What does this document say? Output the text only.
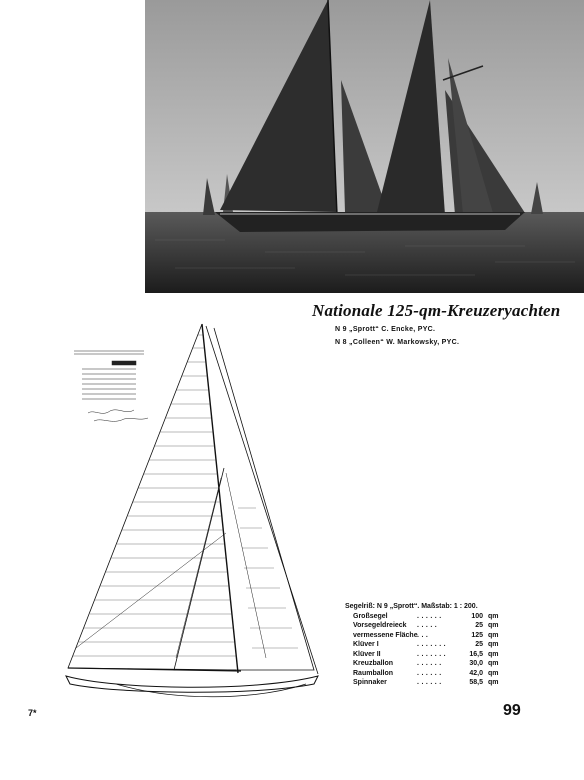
Nationale 125-qm-Kreuzeryachten
N 9 „Sprott“ C. Encke, PYC.
N 8 „Colleen“ W. Markowsky, PYC.
Segelriß: N 9 „Sprott“. Maßstab: 1 : 200.
Großsegel	......	100 qm
Vorsegeldreieck .....	25 qm
vermessene Fläche ...	125 qm
Klüver I	.......	25 qm
Klüver II	.......	16,5 qm
Kreuzballon	......	30,0 qm
Raumballon	......	42,0 qm
Spinnaker	......	58,5 qm
7*	99
